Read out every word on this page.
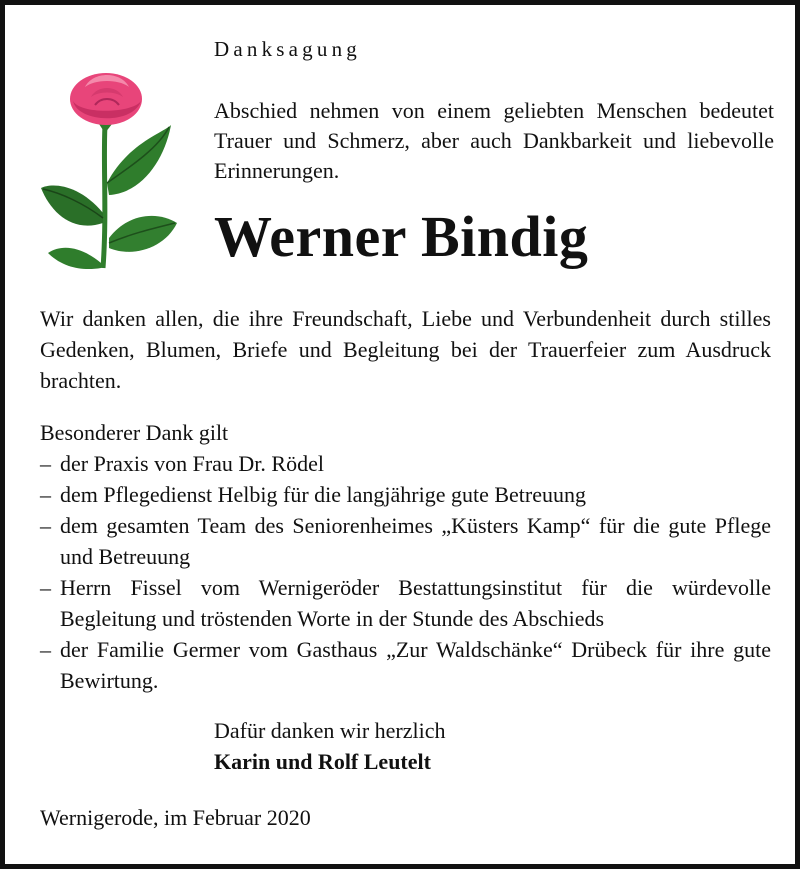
Danksagung

Abschied nehmen von einem geliebten Menschen bedeutet Trauer und Schmerz, aber auch Dankbarkeit und liebevolle Erinnerungen.

Werner Bindig

Wir danken allen, die ihre Freundschaft, Liebe und Verbundenheit durch stilles Gedenken, Blumen, Briefe und Begleitung bei der Trauerfeier zum Ausdruck brachten.

Besonderer Dank gilt
– der Praxis von Frau Dr. Rödel
– dem Pflegedienst Helbig für die langjährige gute Betreuung
– dem gesamten Team des Seniorenheimes „Küsters Kamp“ für die gute Pflege und Betreuung
– Herrn Fissel vom Wernigeröder Bestattungsinstitut für die würdevolle Begleitung und tröstenden Worte in der Stunde des Abschieds
– der Familie Germer vom Gasthaus „Zur Waldschänke“ Drübeck für ihre gute Bewirtung.
Dafür danken wir herzlich
Karin und Rolf Leutelt

Wernigerode, im Februar 2020
